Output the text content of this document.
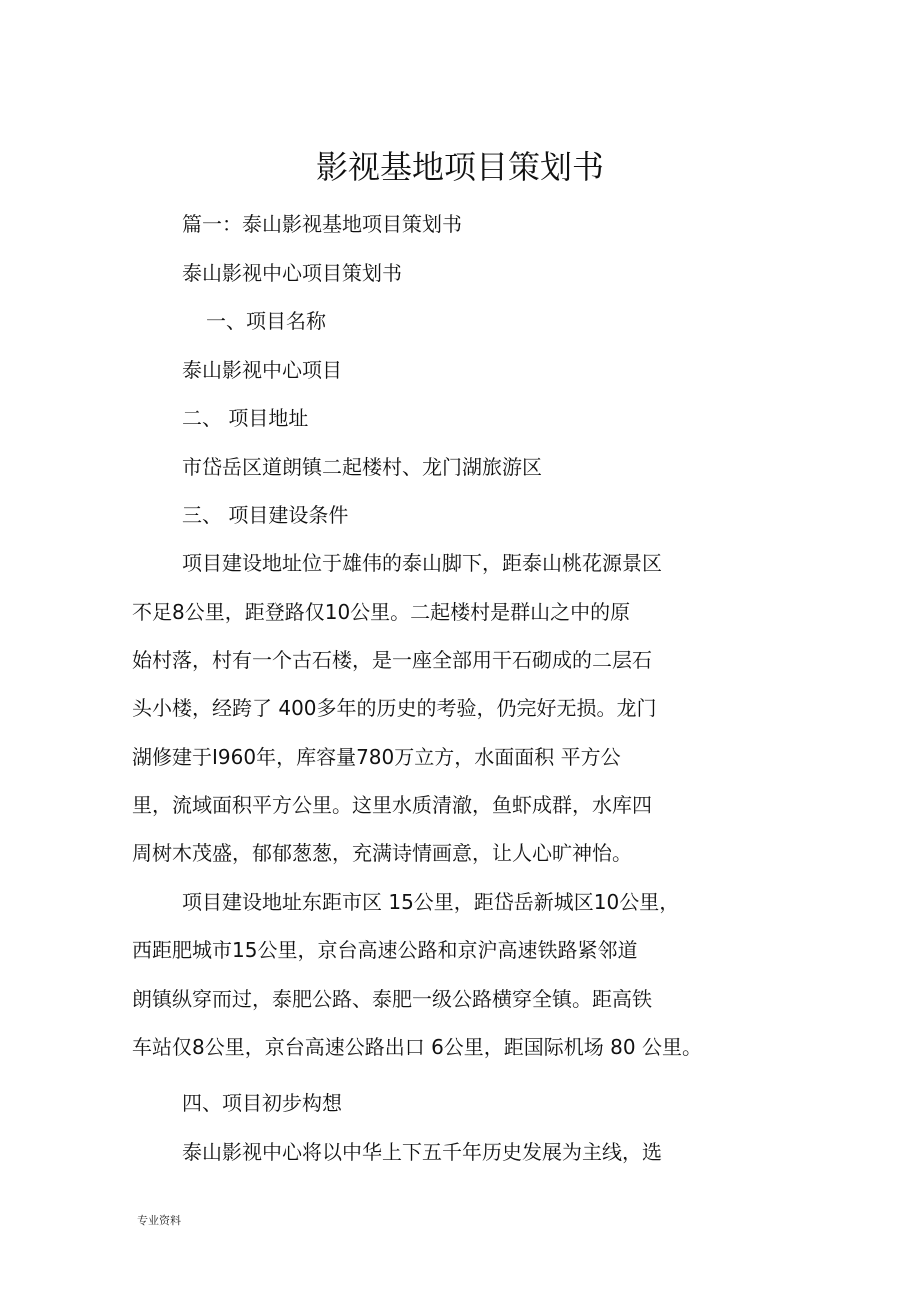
影视基地项目策划书

篇一：泰山影视基地项目策划书

泰山影视中心项目策划书

一、项目名称

泰山影视中心项目

二、 项目地址

市岱岳区道朗镇二起楼村、龙门湖旅游区

三、 项目建设条件

项目建设地址位于雄伟的泰山脚下，距泰山桃花源景区

不足8公里，距登路仅10公里。二起楼村是群山之中的原

始村落，村有一个古石楼，是一座全部用干石砌成的二层石

头小楼，经跨了 400多年的历史的考验，仍完好无损。龙门

湖修建于I960年，库容量780万立方，水面面积 平方公

里，流域面积平方公里。这里水质清澈，鱼虾成群，水库四

周树木茂盛，郁郁葱葱，充满诗情画意，让人心旷神怡。

项目建设地址东距市区 15公里，距岱岳新城区10公里，

西距肥城市15公里，京台高速公路和京沪高速铁路紧邻道

朗镇纵穿而过，泰肥公路、泰肥一级公路横穿全镇。距高铁

车站仅8公里，京台高速公路出口 6公里，距国际机场 80 公里。

四、项目初步构想

泰山影视中心将以中华上下五千年历史发展为主线，选

专业资料
